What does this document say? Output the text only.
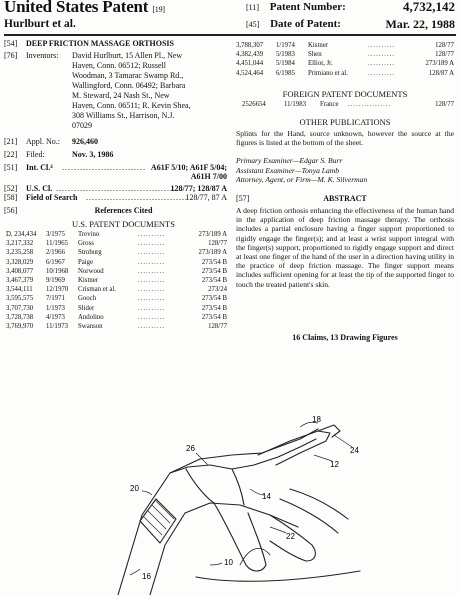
United States Patent [19]
Hurlburt et al.
[11] Patent Number:	4,732,142
[45] Date of Patent:	Mar. 22, 1988
[54] DEEP FRICTION MASSAGE ORTHOSIS
[76] Inventors: David Hurlburt, 15 Allen Pl., New
Haven, Conn. 06512; Russell
Woodman, 3 Tamarac Swamp Rd.,
Wallingford, Conn. 06492; Barbara
M. Steward, 24 Nash St., New
Haven, Conn. 06511; R. Kevin Shea,
308 Williams St., Harrison, N.J.
07029
[21] Appl. No.: 926,460
[22] Filed:	Nov. 3, 1986
[51] Int. Cl.⁴ ............................ A61F 5/10; A61F 5/04;
A61H 7/00
[52] U.S. Cl. ..........................................
128/77; 128/87 A
[58] Field of Search ..................................
128/77, 87 A
[56]	References Cited
U.S. PATENT DOCUMENTS
D. 234,434 3/1975 Trevino	..........	273/189 A
3,217,332 11/1965 Gross	..........	128/77
3,235,258 2/1966 Stroburg	..........	273/189 A
3,328,029 6/1967 Paige	..........	273/54 B
3,408,077 10/1968 Norwood	..........	273/54 B
3,467,379 9/1969 Kistner	..........	273/54 B
3,544,111 12/1970 Crisman et al.	..........	273/24
3,595,575 7/1971 Gooch	..........	273/54 B
3,707,730 1/1973 Slider	..........	273/54 B
3,728,738 4/1973 Andolino	..........	273/54 B
3,769,970 11/1973 Swanson	..........	128/77
3,788,307 1/1974 Kistner	..........	128/77
4,382,439 5/1983 Shen	..........	128/77
4,451,044 5/1984 Elliot, Jr.	..........	273/189 A
4,524,464 6/1985 Primiano et al.	..........	128/87 A
FOREIGN PATENT DOCUMENTS
2526654	11/1983 France ................	128/77
OTHER PUBLICATIONS
Splints for the Hand, source unknown, however the source at the figures is listed at the bottom of the sheet.
Primary Examiner—Edgar S. Burr
Assistant Examiner—Tonya Lamb
Attorney, Agent, or Firm—M. K. Silverman
[57]	ABSTRACT
A deep friction orthosis enhancing the effectiveness of the human hand in the application of deep friction massage therapy. The orthosis includes a partial enclosure having a finger support proportioned to rigidly engage the finger(s); and at least a wrist support integral with the finger(s) support, proportioned to rigidly engage support and direct at least one finger of the hand of the user in a direction having utility in the practice of deep friction massage. The finger support means includes sufficient opening for at least the tip of the supported finger to touch the treated patient's skin.
16 Claims, 13 Drawing Figures
18
24
12
26
14
20
22
10
16
